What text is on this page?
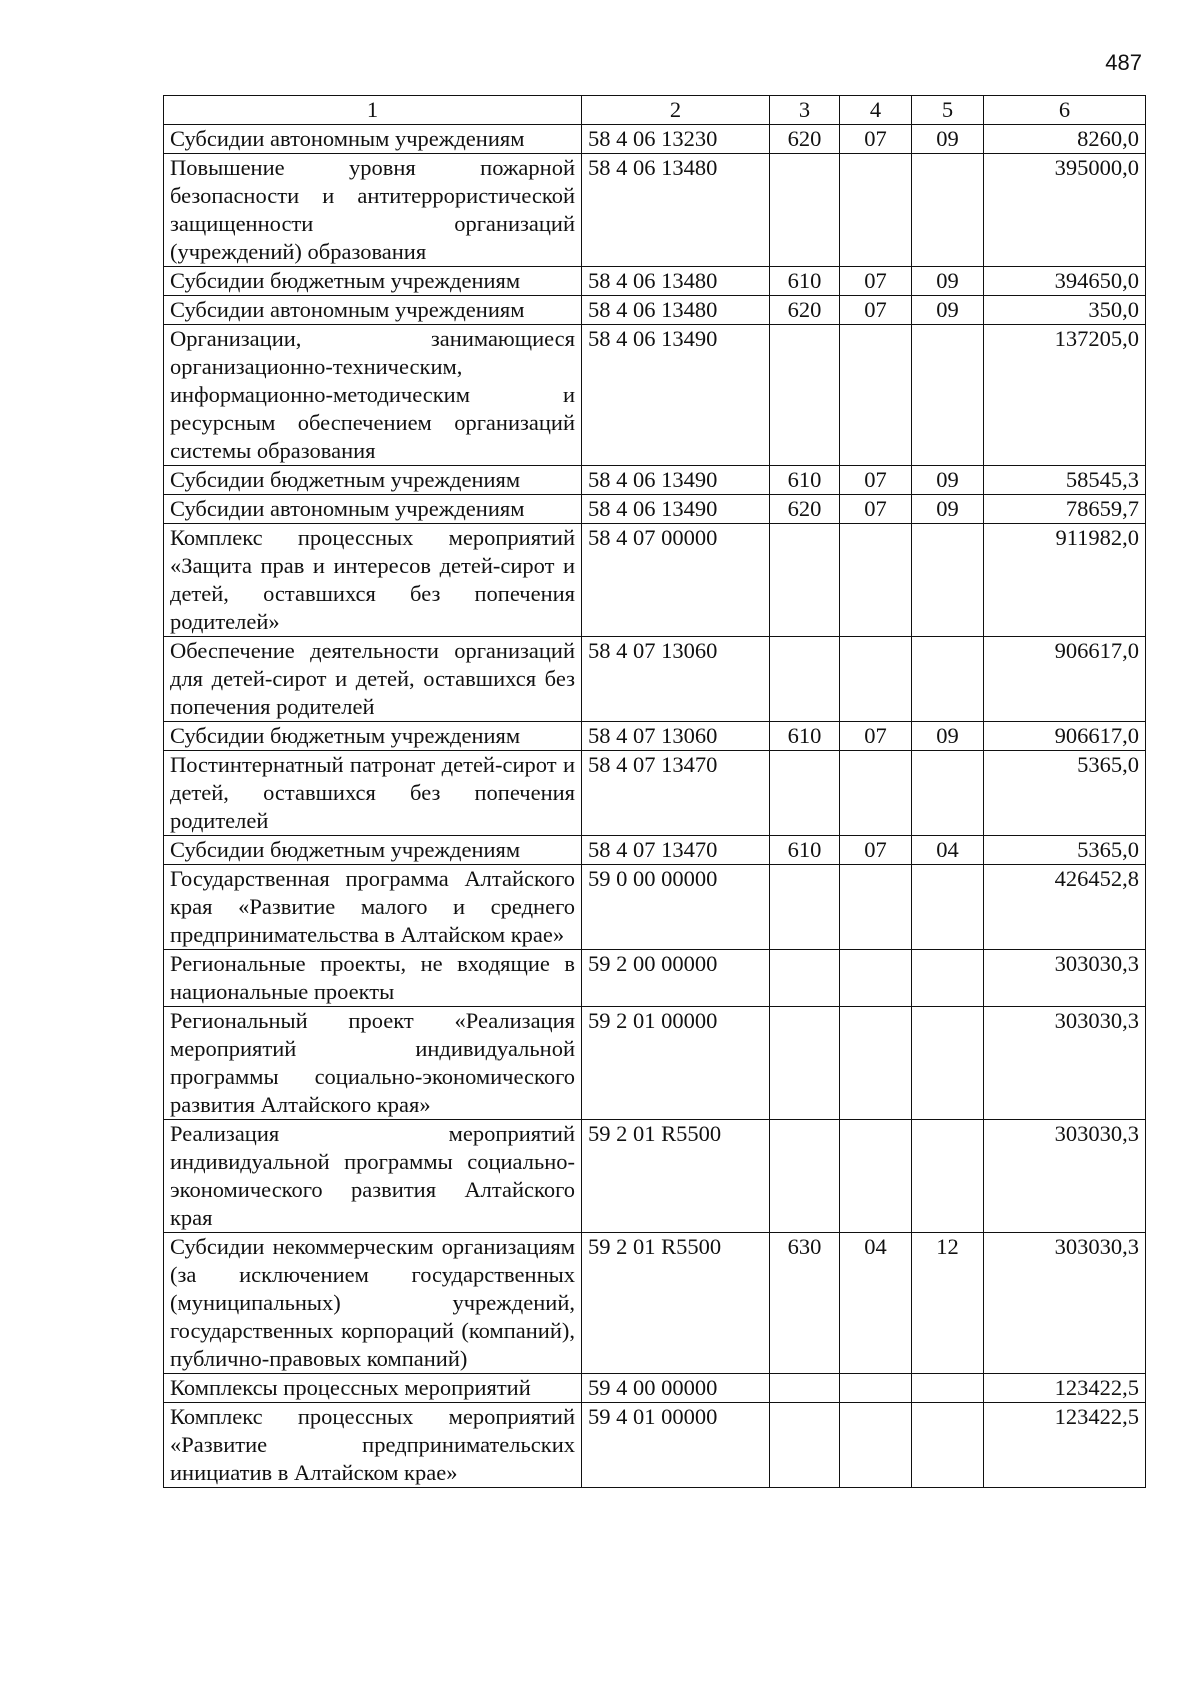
487
1	2	3	4	5	6
Субсидии автономным учреждениям	58 4 06 13230	620	07	09	8260,0
Повышение уровня пожарной безопасности и антитеррористической защищенности организаций (учреждений) образования	58 4 06 13480				395000,0
Субсидии бюджетным учреждениям	58 4 06 13480	610	07	09	394650,0
Субсидии автономным учреждениям	58 4 06 13480	620	07	09	350,0
Организации, занимающиеся организационно-техническим, информационно-методическим и ресурсным обеспечением организаций системы образования	58 4 06 13490				137205,0
Субсидии бюджетным учреждениям	58 4 06 13490	610	07	09	58545,3
Субсидии автономным учреждениям	58 4 06 13490	620	07	09	78659,7
Комплекс процессных мероприятий «Защита прав и интересов детей-сирот и детей, оставшихся без попечения родителей»	58 4 07 00000				911982,0
Обеспечение деятельности организаций для детей-сирот и детей, оставшихся без попечения родителей	58 4 07 13060				906617,0
Субсидии бюджетным учреждениям	58 4 07 13060	610	07	09	906617,0
Постинтернатный патронат детей-сирот и детей, оставшихся без попечения родителей	58 4 07 13470				5365,0
Субсидии бюджетным учреждениям	58 4 07 13470	610	07	04	5365,0
Государственная программа Алтайского края «Развитие малого и среднего предпринимательства в Алтайском крае»	59 0 00 00000				426452,8
Региональные проекты, не входящие в национальные проекты	59 2 00 00000				303030,3
Региональный проект «Реализация мероприятий индивидуальной программы социально-экономического развития Алтайского края»	59 2 01 00000				303030,3
Реализация мероприятий индивидуальной программы социально-экономического развития Алтайского края	59 2 01 R5500				303030,3
Субсидии некоммерческим организациям (за исключением государственных (муниципальных) учреждений, государственных корпораций (компаний), публично-правовых компаний)	59 2 01 R5500	630	04	12	303030,3
Комплексы процессных мероприятий	59 4 00 00000				123422,5
Комплекс процессных мероприятий «Развитие предпринимательских инициатив в Алтайском крае»	59 4 01 00000				123422,5
